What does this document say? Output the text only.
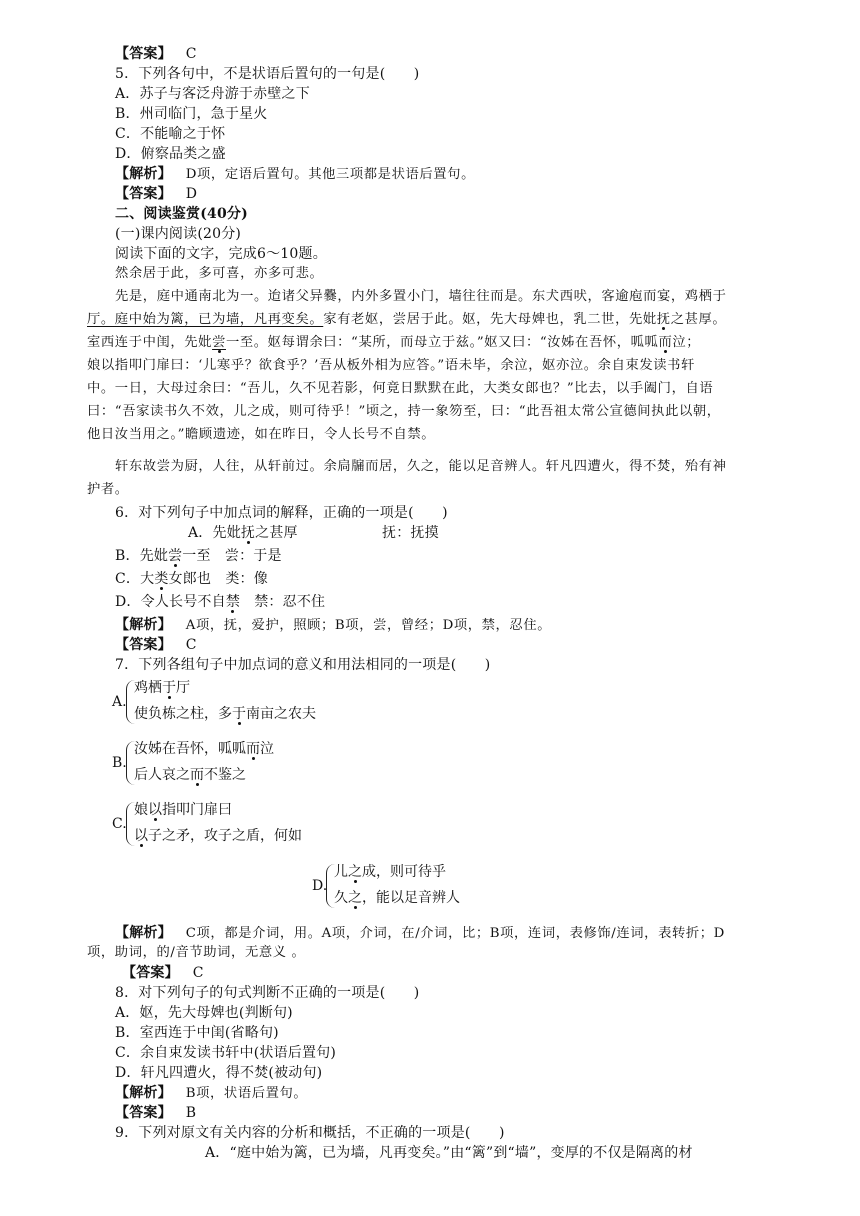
【答案】 C
5．下列各句中，不是状语后置句的一句是(　　)
A．苏子与客泛舟游于赤壁之下
B．州司临门，急于星火
C．不能喻之于怀
D．俯察品类之盛
【解析】 D项，定语后置句。其他三项都是状语后置句。
【答案】 D
二、阅读鉴赏(40分)
(一)课内阅读(20分)
阅读下面的文字，完成6～10题。
然余居于此，多可喜，亦多可悲。
先是，庭中通南北为一。迨诸父异爨，内外多置小门，墙往往而是。东犬西吠，客逾庖而宴，鸡栖于
厅。庭中始为篱，已为墙，凡再变矣。家有老妪，尝居于此。妪，先大母婢也，乳二世，先妣抚之甚厚。
室西连于中闺，先妣尝一至。妪每谓余曰：“某所，而母立于兹。”妪又曰：“汝姊在吾怀，呱呱而泣；
娘以指叩门扉曰：‘儿寒乎？欲食乎？’吾从板外相为应答。”语未毕，余泣，妪亦泣。余自束发读书轩
中。一日，大母过余曰：“吾儿，久不见若影，何竟日默默在此，大类女郎也？”比去，以手阖门，自语
曰：“吾家读书久不效，儿之成，则可待乎！”顷之，持一象笏至，曰：“此吾祖太常公宣德间执此以朝，
他日汝当用之。”瞻顾遗迹，如在昨日，令人长号不自禁。
轩东故尝为厨，人往，从轩前过。余扃牖而居，久之，能以足音辨人。轩凡四遭火，得不焚，殆有神
护者。
6．对下列句子中加点词的解释，正确的一项是(　　)
A．先妣抚之甚厚	抚：抚摸
B．先妣尝一至　尝：于是
C．大类女郎也　类：像
D．令人长号不自禁　禁：忍不住
【解析】 A项，抚，爱护，照顾；B项，尝，曾经；D项，禁，忍住。
【答案】 C
7．下列各组句子中加点词的意义和用法相同的一项是(　　)
A.
鸡栖于厅
使负栋之柱，多于南亩之农夫
B.
汝姊在吾怀，呱呱而泣
后人哀之而不鉴之
C.
娘以指叩门扉曰
以子之矛，攻子之盾，何如
D.
儿之成，则可待乎
久之，能以足音辨人
【解析】 C项，都是介词，用。A项，介词，在/介词，比；B项，连词，表修饰/连词，表转折；D
项，助词，的/音节助词，无意义 。
【答案】 C
8．对下列句子的句式判断不正确的一项是(　　)
A．妪，先大母婢也(判断句)
B．室西连于中闺(省略句)
C．余自束发读书轩中(状语后置句)
D．轩凡四遭火，得不焚(被动句)
【解析】 B项，状语后置句。
【答案】 B
9．下列对原文有关内容的分析和概括，不正确的一项是(　　)
A．“庭中始为篱，已为墙，凡再变矣。”由“篱”到“墙”，变厚的不仅是隔离的材
